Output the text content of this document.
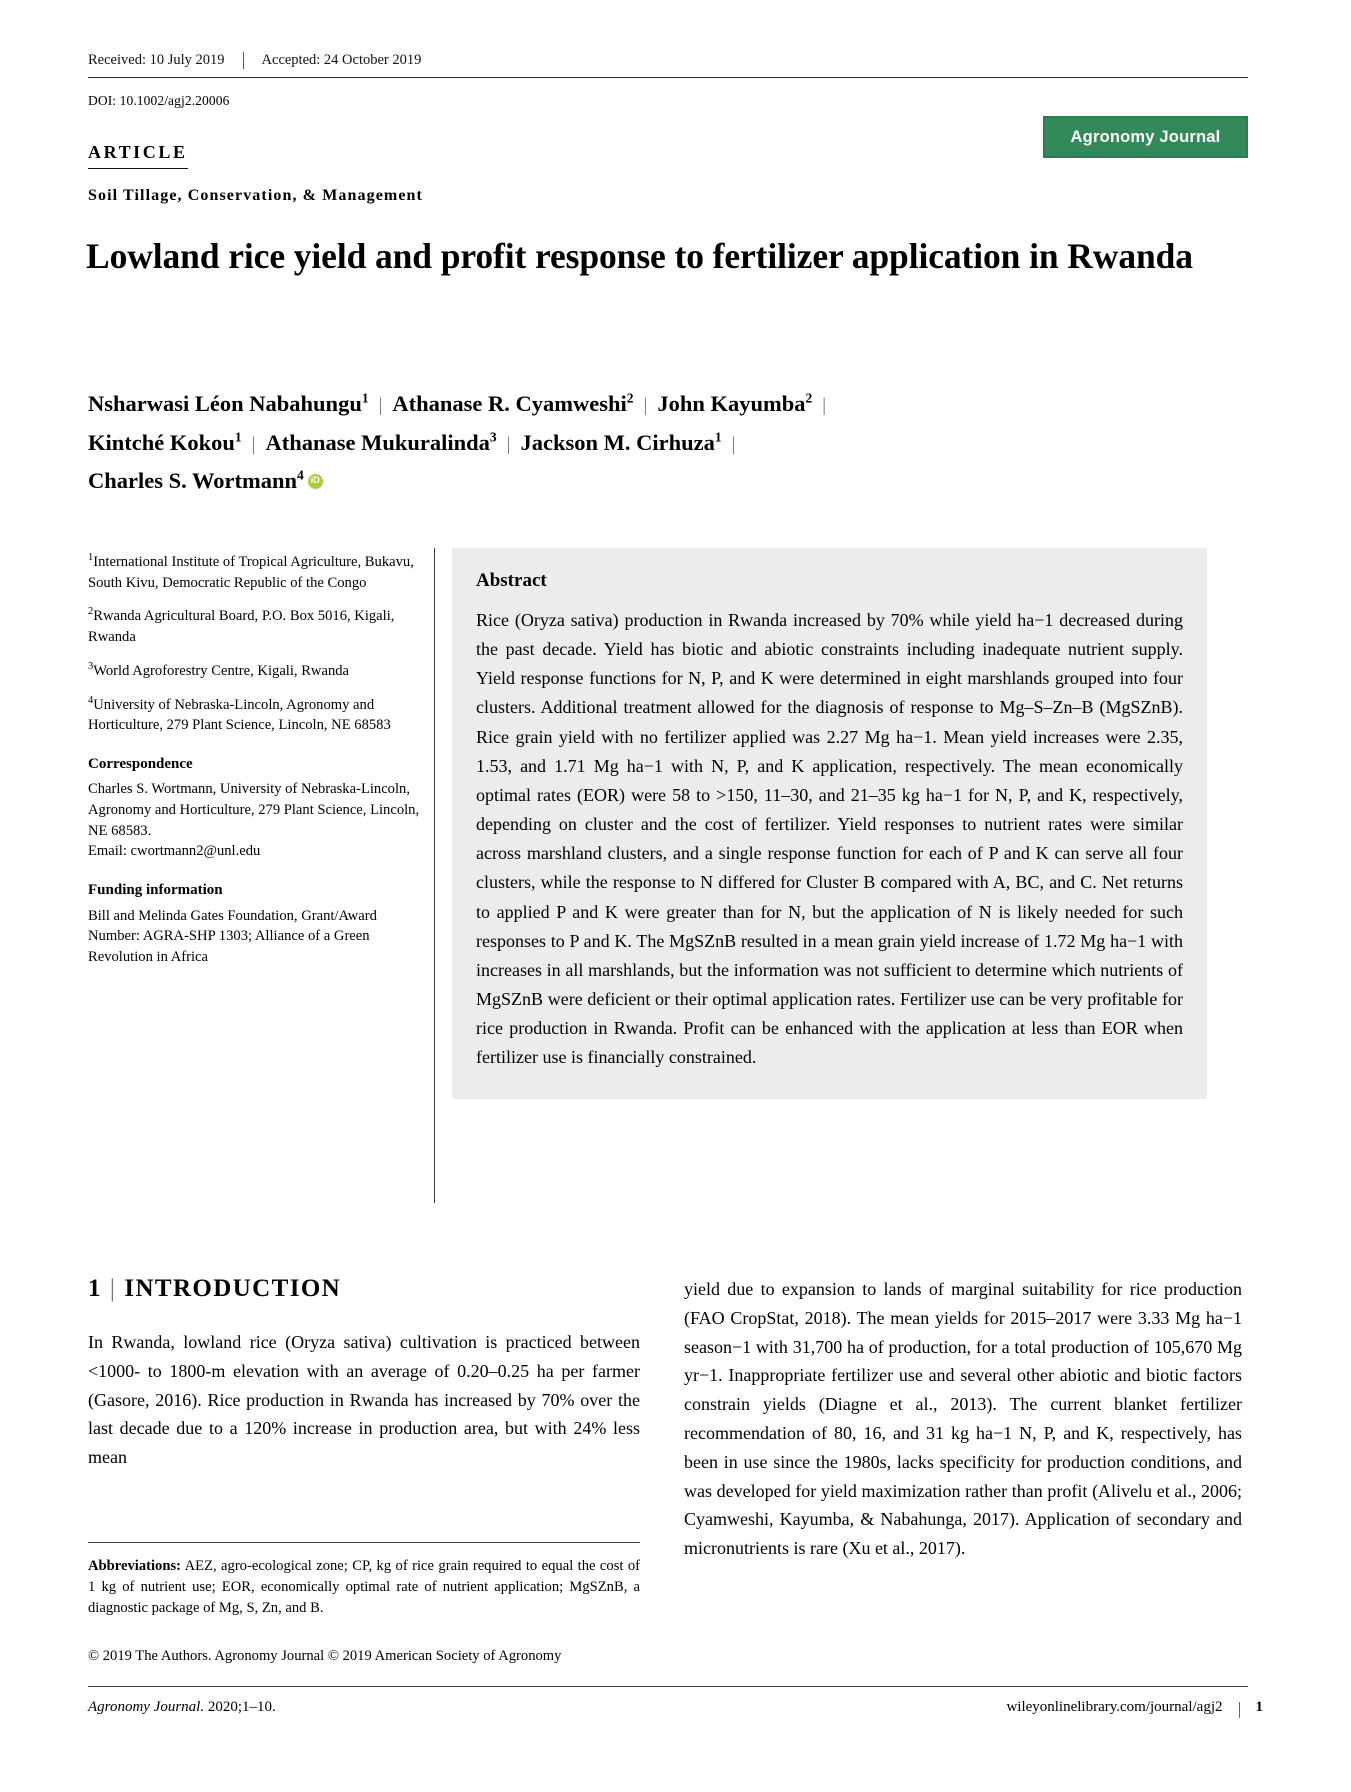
Received: 10 July 2019	Accepted: 24 October 2019
DOI: 10.1002/agj2.20006
Agronomy Journal
ARTICLE
Soil Tillage, Conservation, & Management
Lowland rice yield and profit response to fertilizer application in Rwanda
Nsharwasi Léon Nabahungu$^1$ | Athanase R. Cyamweshi$^2$ | John Kayumba$^2$ |
Kintché Kokou$^1$ | Athanase Mukuralinda$^3$ | Jackson M. Cirhuza$^1$ |
Charles S. Wortmann$^4$iD

$^1$International Institute of Tropical Agriculture, Bukavu, South Kivu, Democratic Republic of the Congo

$^2$Rwanda Agricultural Board, P.O. Box 5016, Kigali, Rwanda

$^3$World Agroforestry Centre, Kigali, Rwanda

$^4$University of Nebraska-Lincoln, Agronomy and Horticulture, 279 Plant Science, Lincoln, NE 68583

Correspondence

Charles S. Wortmann, University of Nebraska-Lincoln, Agronomy and Horticulture, 279 Plant Science, Lincoln, NE 68583.
Email: cwortmann2@unl.edu

Funding information

Bill and Melinda Gates Foundation, Grant/Award Number: AGRA-SHP 1303; Alliance of a Green Revolution in Africa

Abstract

Rice (Oryza sativa) production in Rwanda increased by 70% while yield ha−1 decreased during the past decade. Yield has biotic and abiotic constraints including inadequate nutrient supply. Yield response functions for N, P, and K were determined in eight marshlands grouped into four clusters. Additional treatment allowed for the diagnosis of response to Mg–S–Zn–B (MgSZnB). Rice grain yield with no fertilizer applied was 2.27 Mg ha−1. Mean yield increases were 2.35, 1.53, and 1.71 Mg ha−1 with N, P, and K application, respectively. The mean economically optimal rates (EOR) were 58 to >150, 11–30, and 21–35 kg ha−1 for N, P, and K, respectively, depending on cluster and the cost of fertilizer. Yield responses to nutrient rates were similar across marshland clusters, and a single response function for each of P and K can serve all four clusters, while the response to N differed for Cluster B compared with A, BC, and C. Net returns to applied P and K were greater than for N, but the application of N is likely needed for such responses to P and K. The MgSZnB resulted in a mean grain yield increase of 1.72 Mg ha−1 with increases in all marshlands, but the information was not sufficient to determine which nutrients of MgSZnB were deficient or their optimal application rates. Fertilizer use can be very profitable for rice production in Rwanda. Profit can be enhanced with the application at less than EOR when fertilizer use is financially constrained.

1 | INTRODUCTION

In Rwanda, lowland rice (Oryza sativa) cultivation is practiced between <1000- to 1800-m elevation with an average of 0.20–0.25 ha per farmer (Gasore, 2016). Rice production in Rwanda has increased by 70% over the last decade due to a 120% increase in production area, but with 24% less mean

yield due to expansion to lands of marginal suitability for rice production (FAO CropStat, 2018). The mean yields for 2015–2017 were 3.33 Mg ha−1 season−1 with 31,700 ha of production, for a total production of 105,670 Mg yr−1. Inappropriate fertilizer use and several other abiotic and biotic factors constrain yields (Diagne et al., 2013). The current blanket fertilizer recommendation of 80, 16, and 31 kg ha−1 N, P, and K, respectively, has been in use since the 1980s, lacks specificity for production conditions, and was developed for yield maximization rather than profit (Alivelu et al., 2006; Cyamweshi, Kayumba, & Nabahunga, 2017). Application of secondary and micronutrients is rare (Xu et al., 2017).

Abbreviations: AEZ, agro-ecological zone; CP, kg of rice grain required to equal the cost of 1 kg of nutrient use; EOR, economically optimal rate of nutrient application; MgSZnB, a diagnostic package of Mg, S, Zn, and B.
© 2019 The Authors. Agronomy Journal © 2019 American Society of Agronomy
Agronomy Journal. 2020;1–10.	wileyonlinelibrary.com/journal/agj2 1
